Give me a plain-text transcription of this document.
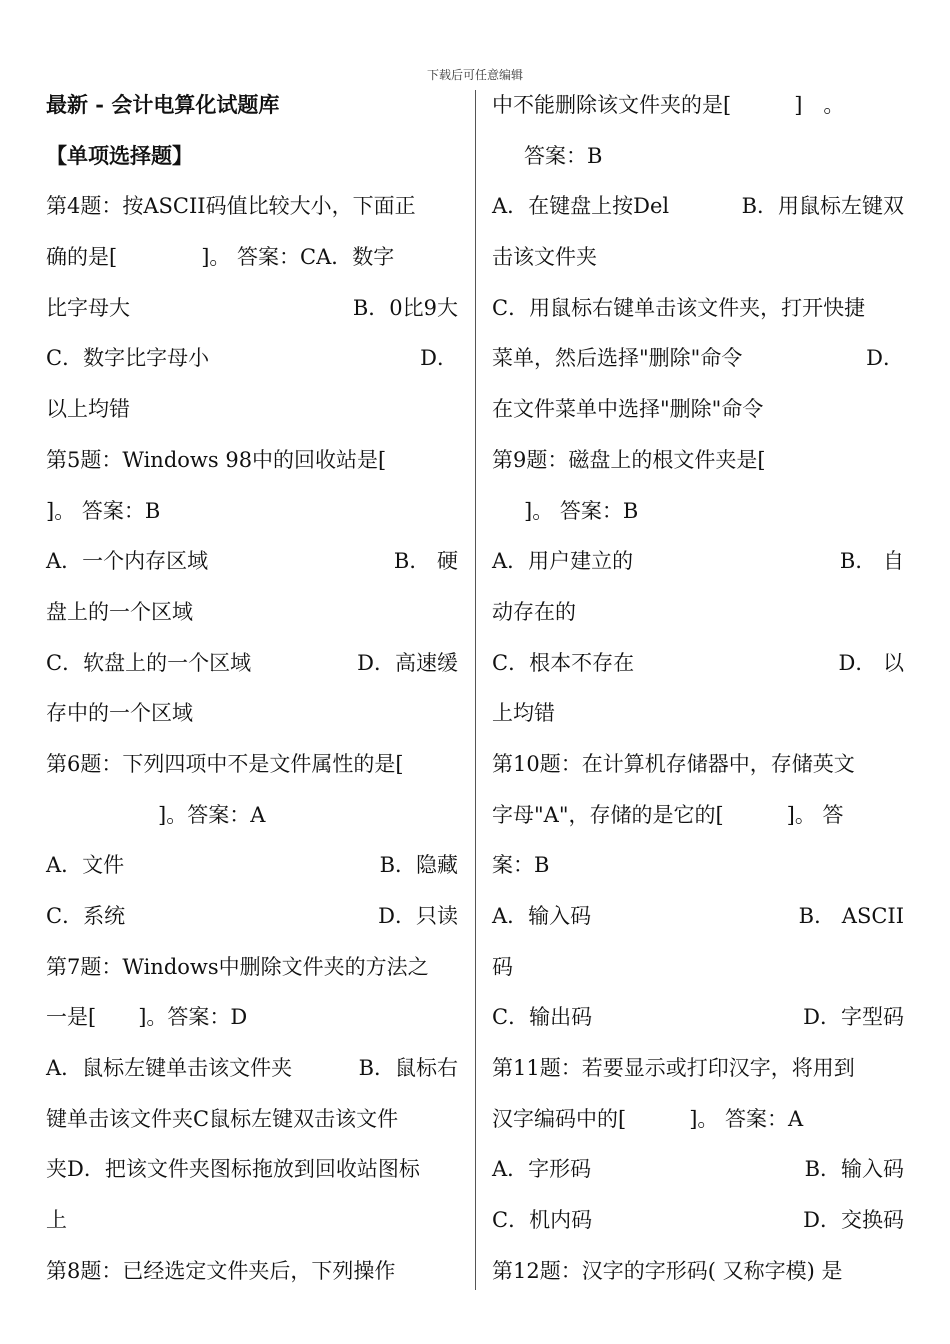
下载后可任意编辑
最新 - 会计电算化试题库
【单项选择题】
第4题：按ASCII码值比较大小，下面正
确的是[　　　　]。 答案：CA．数字
比字母大	B．0比9大
C．数字比字母小	D．
以上均错
第5题：Windows 98中的回收站是[
]。 答案：B
A．一个内存区域	B． 硬
盘上的一个区域
C．软盘上的一个区域	D．高速缓
存中的一个区域
第6题：下列四项中不是文件属性的是[
]。答案：A
A．文件	B．隐藏
C．系统	D．只读
第7题：Windows中删除文件夹的方法之
一是[　　]。答案：D
A．鼠标左键单击该文件夹	B．鼠标右
键单击该文件夹C鼠标左键双击该文件
夹D．把该文件夹图标拖放到回收站图标
上
第8题：已经选定文件夹后，下列操作
中不能删除该文件夹的是[　　　]　。
答案：B
A．在键盘上按Del	B．用鼠标左键双
击该文件夹
C．用鼠标右键单击该文件夹，打开快捷
菜单，然后选择"删除"命令	D．
在文件菜单中选择"删除"命令
第9题：磁盘上的根文件夹是[
]。 答案：B
A．用户建立的	B． 自
动存在的
C．根本不存在	D． 以
上均错
第10题：在计算机存储器中，存储英文
字母"A"，存储的是它的[　　　]。 答
案：B
A．输入码	B． ASCII
码
C．输出码	D．字型码
第11题：若要显示或打印汉字，将用到
汉字编码中的[　　　]。 答案：A
A．字形码	B．输入码
C．机内码	D．交换码
第12题：汉字的字形码( 又称字模) 是
